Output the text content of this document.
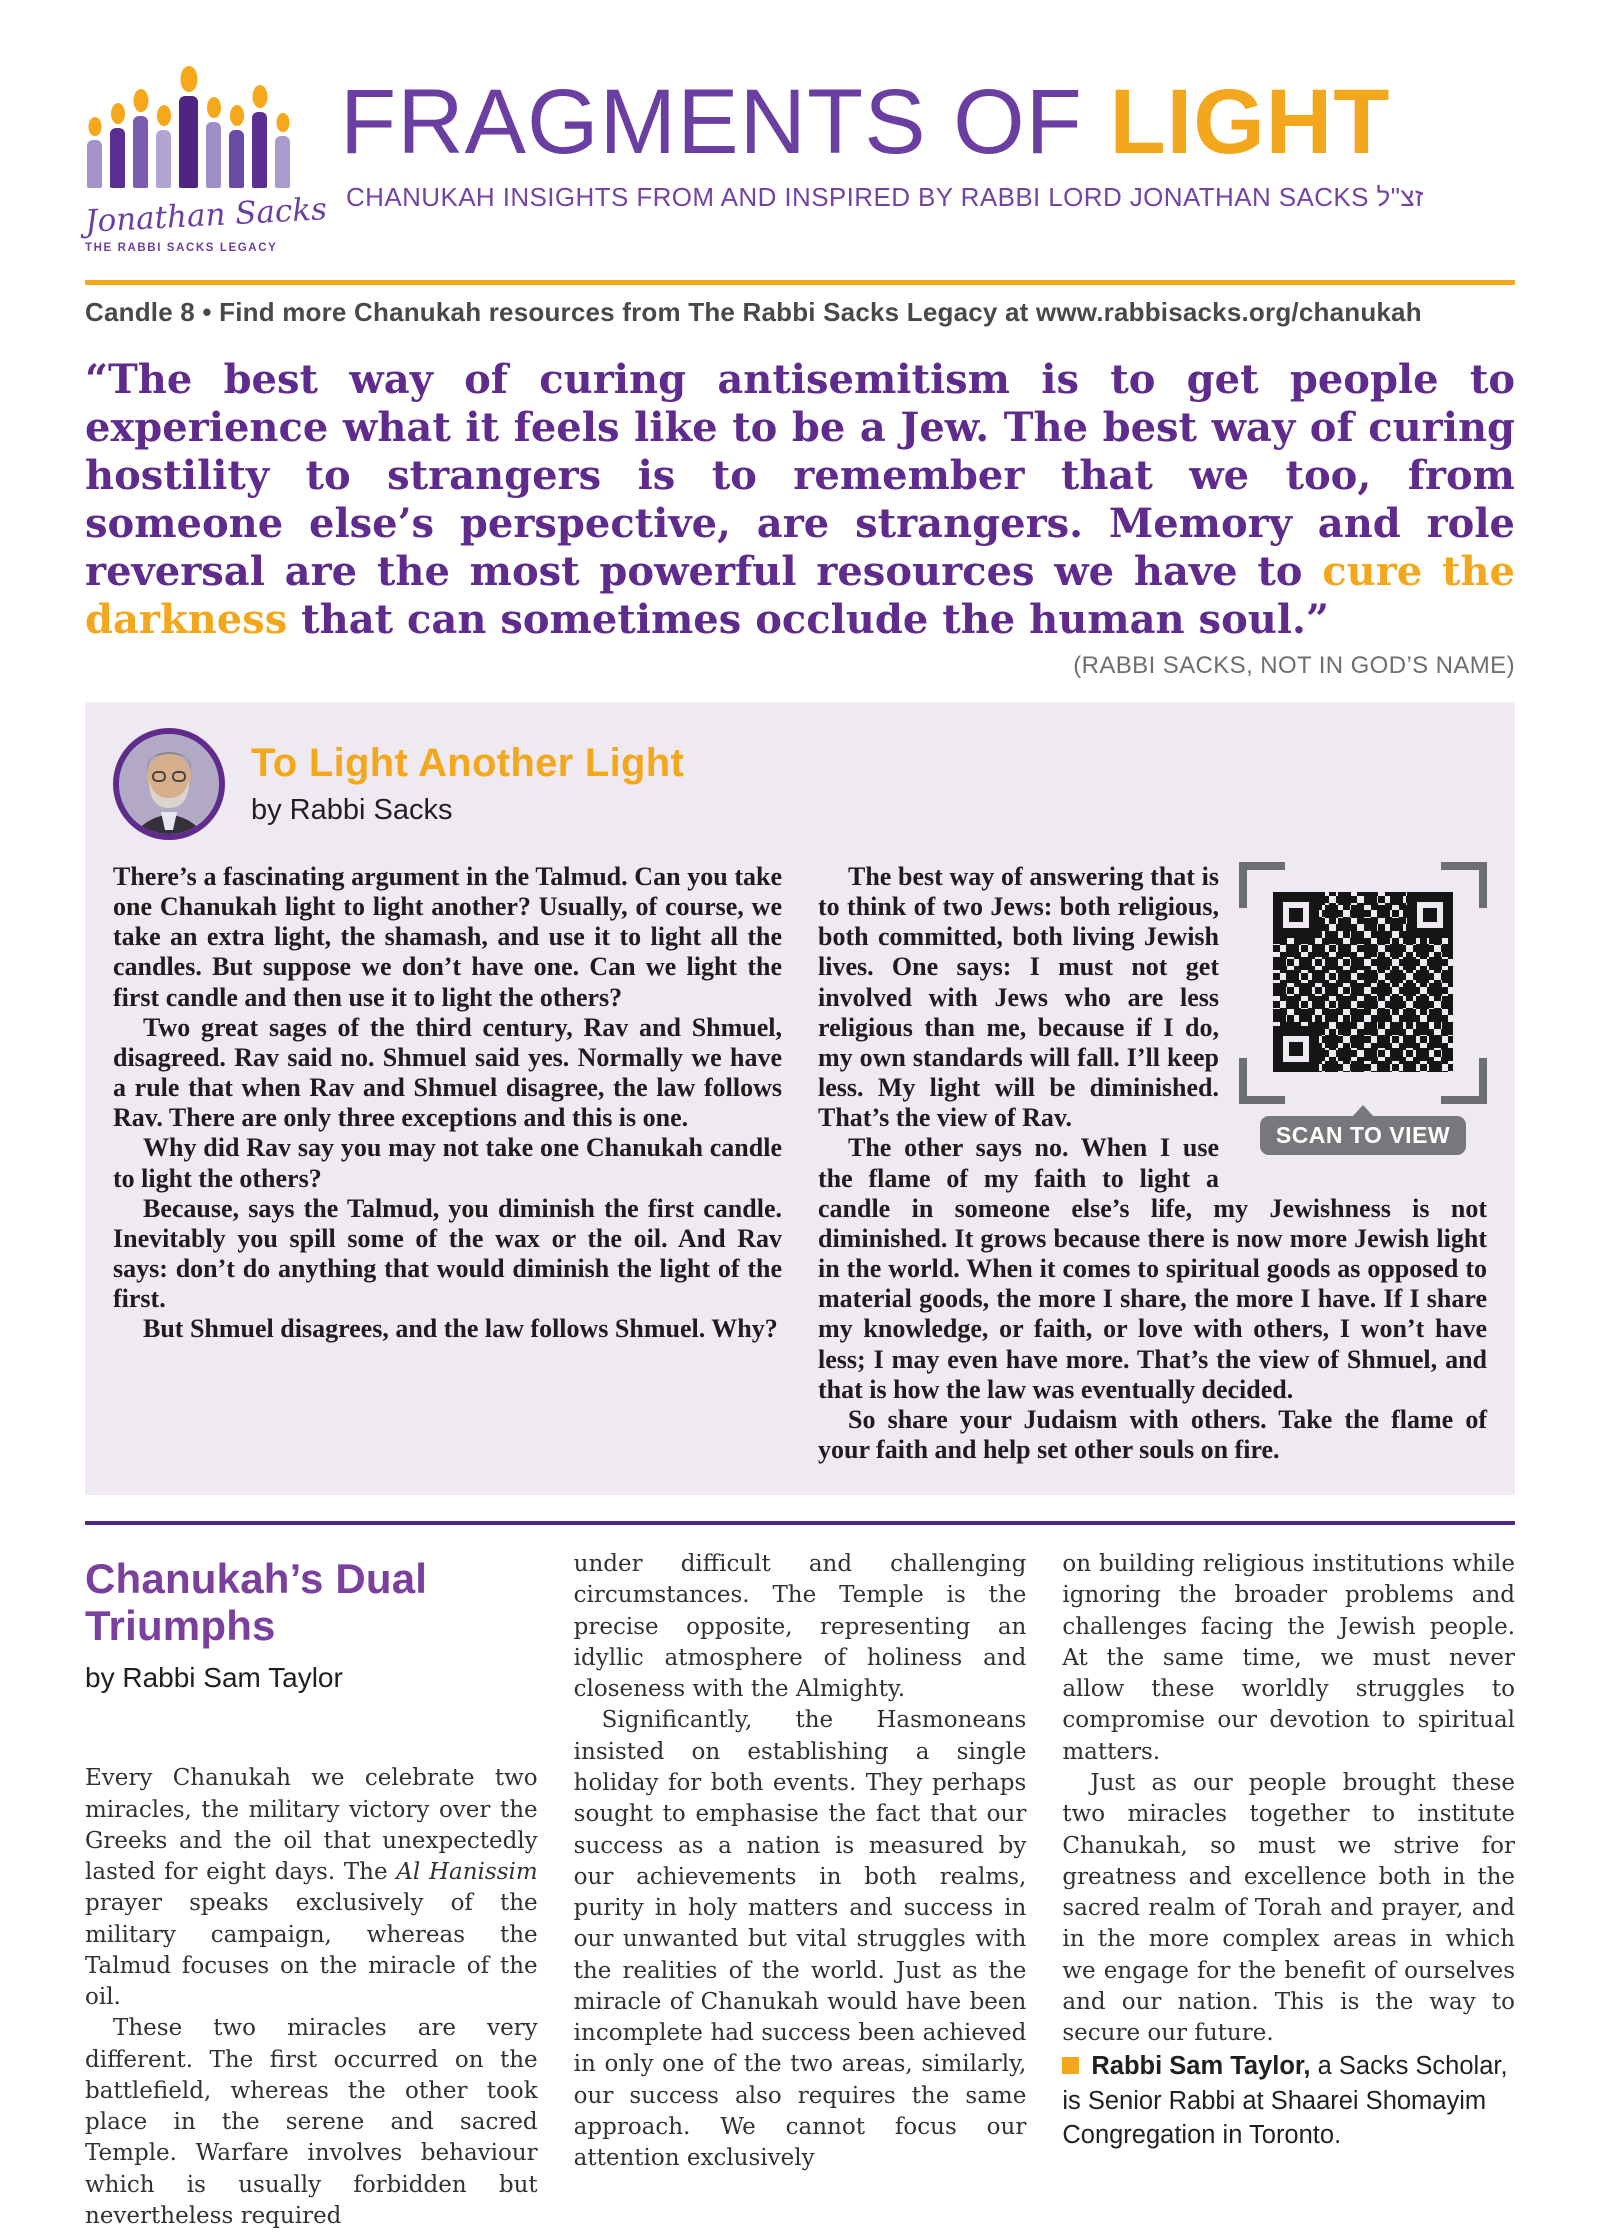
Jonathan Sacks
THE RABBI SACKS LEGACY
FRAGMENTS OF LIGHT
CHANUKAH INSIGHTS FROM AND INSPIRED BY RABBI LORD JONATHAN SACKS זצ"ל
Candle 8 • Find more Chanukah resources from The Rabbi Sacks Legacy at www.rabbisacks.org/chanukah
“The best way of curing antisemitism is to get people to experience what it feels like to be a Jew. The best way of curing hostility to strangers is to remember that we too, from someone else’s perspective, are strangers. Memory and role reversal are the most powerful resources we have to cure the darkness that can sometimes occlude the human soul.”
(RABBI SACKS, NOT IN GOD’S NAME)
To Light Another Light
by Rabbi Sacks

There’s a fascinating argument in the Talmud. Can you take one Chanukah light to light another? Usually, of course, we take an extra light, the shamash, and use it to light all the candles. But suppose we don’t have one. Can we light the first candle and then use it to light the others?

Two great sages of the third century, Rav and Shmuel, disagreed. Rav said no. Shmuel said yes. Normally we have a rule that when Rav and Shmuel disagree, the law follows Rav. There are only three exceptions and this is one.

Why did Rav say you may not take one Chanukah candle to light the others?

Because, says the Talmud, you diminish the first candle. Inevitably you spill some of the wax or the oil. And Rav says: don’t do anything that would diminish the light of the first.

But Shmuel disagrees, and the law follows Shmuel. Why?

SCAN TO VIEW

The best way of answering that is to think of two Jews: both religious, both committed, both living Jewish lives. One says: I must not get involved with Jews who are less religious than me, because if I do, my own standards will fall. I’ll keep less. My light will be diminished. That’s the view of Rav.

The other says no. When I use the flame of my faith to light a candle in someone else’s life, my Jewishness is not diminished. It grows because there is now more Jewish light in the world. When it comes to spiritual goods as opposed to material goods, the more I share, the more I have. If I share my knowledge, or faith, or love with others, I won’t have less; I may even have more. That’s the view of Shmuel, and that is how the law was eventually decided.

So share your Judaism with others. Take the flame of your faith and help set other souls on fire.

Chanukah’s Dual Triumphs
by Rabbi Sam Taylor

Every Chanukah we celebrate two miracles, the military victory over the Greeks and the oil that unexpectedly lasted for eight days. The Al Hanissim prayer speaks exclusively of the military campaign, whereas the Talmud focuses on the miracle of the oil.

These two miracles are very different. The first occurred on the battlefield, whereas the other took place in the serene and sacred Temple. Warfare involves behaviour which is usually forbidden but nevertheless required

under difficult and challenging circumstances. The Temple is the precise opposite, representing an idyllic atmosphere of holiness and closeness with the Almighty.

Significantly, the Hasmoneans insisted on establishing a single holiday for both events. They perhaps sought to emphasise the fact that our success as a nation is measured by our achievements in both realms, purity in holy matters and success in our unwanted but vital struggles with the realities of the world. Just as the miracle of Chanukah would have been incomplete had success been achieved in only one of the two areas, similarly, our success also requires the same approach. We cannot focus our attention exclusively

on building religious institutions while ignoring the broader problems and challenges facing the Jewish people. At the same time, we must never allow these worldly struggles to compromise our devotion to spiritual matters.

Just as our people brought these two miracles together to institute Chanukah, so must we strive for greatness and excellence both in the sacred realm of Torah and prayer, and in the more complex areas in which we engage for the benefit of ourselves and our nation. This is the way to secure our future.

Rabbi Sam Taylor, a Sacks Scholar, is Senior Rabbi at Shaarei Shomayim Congregation in Toronto.
